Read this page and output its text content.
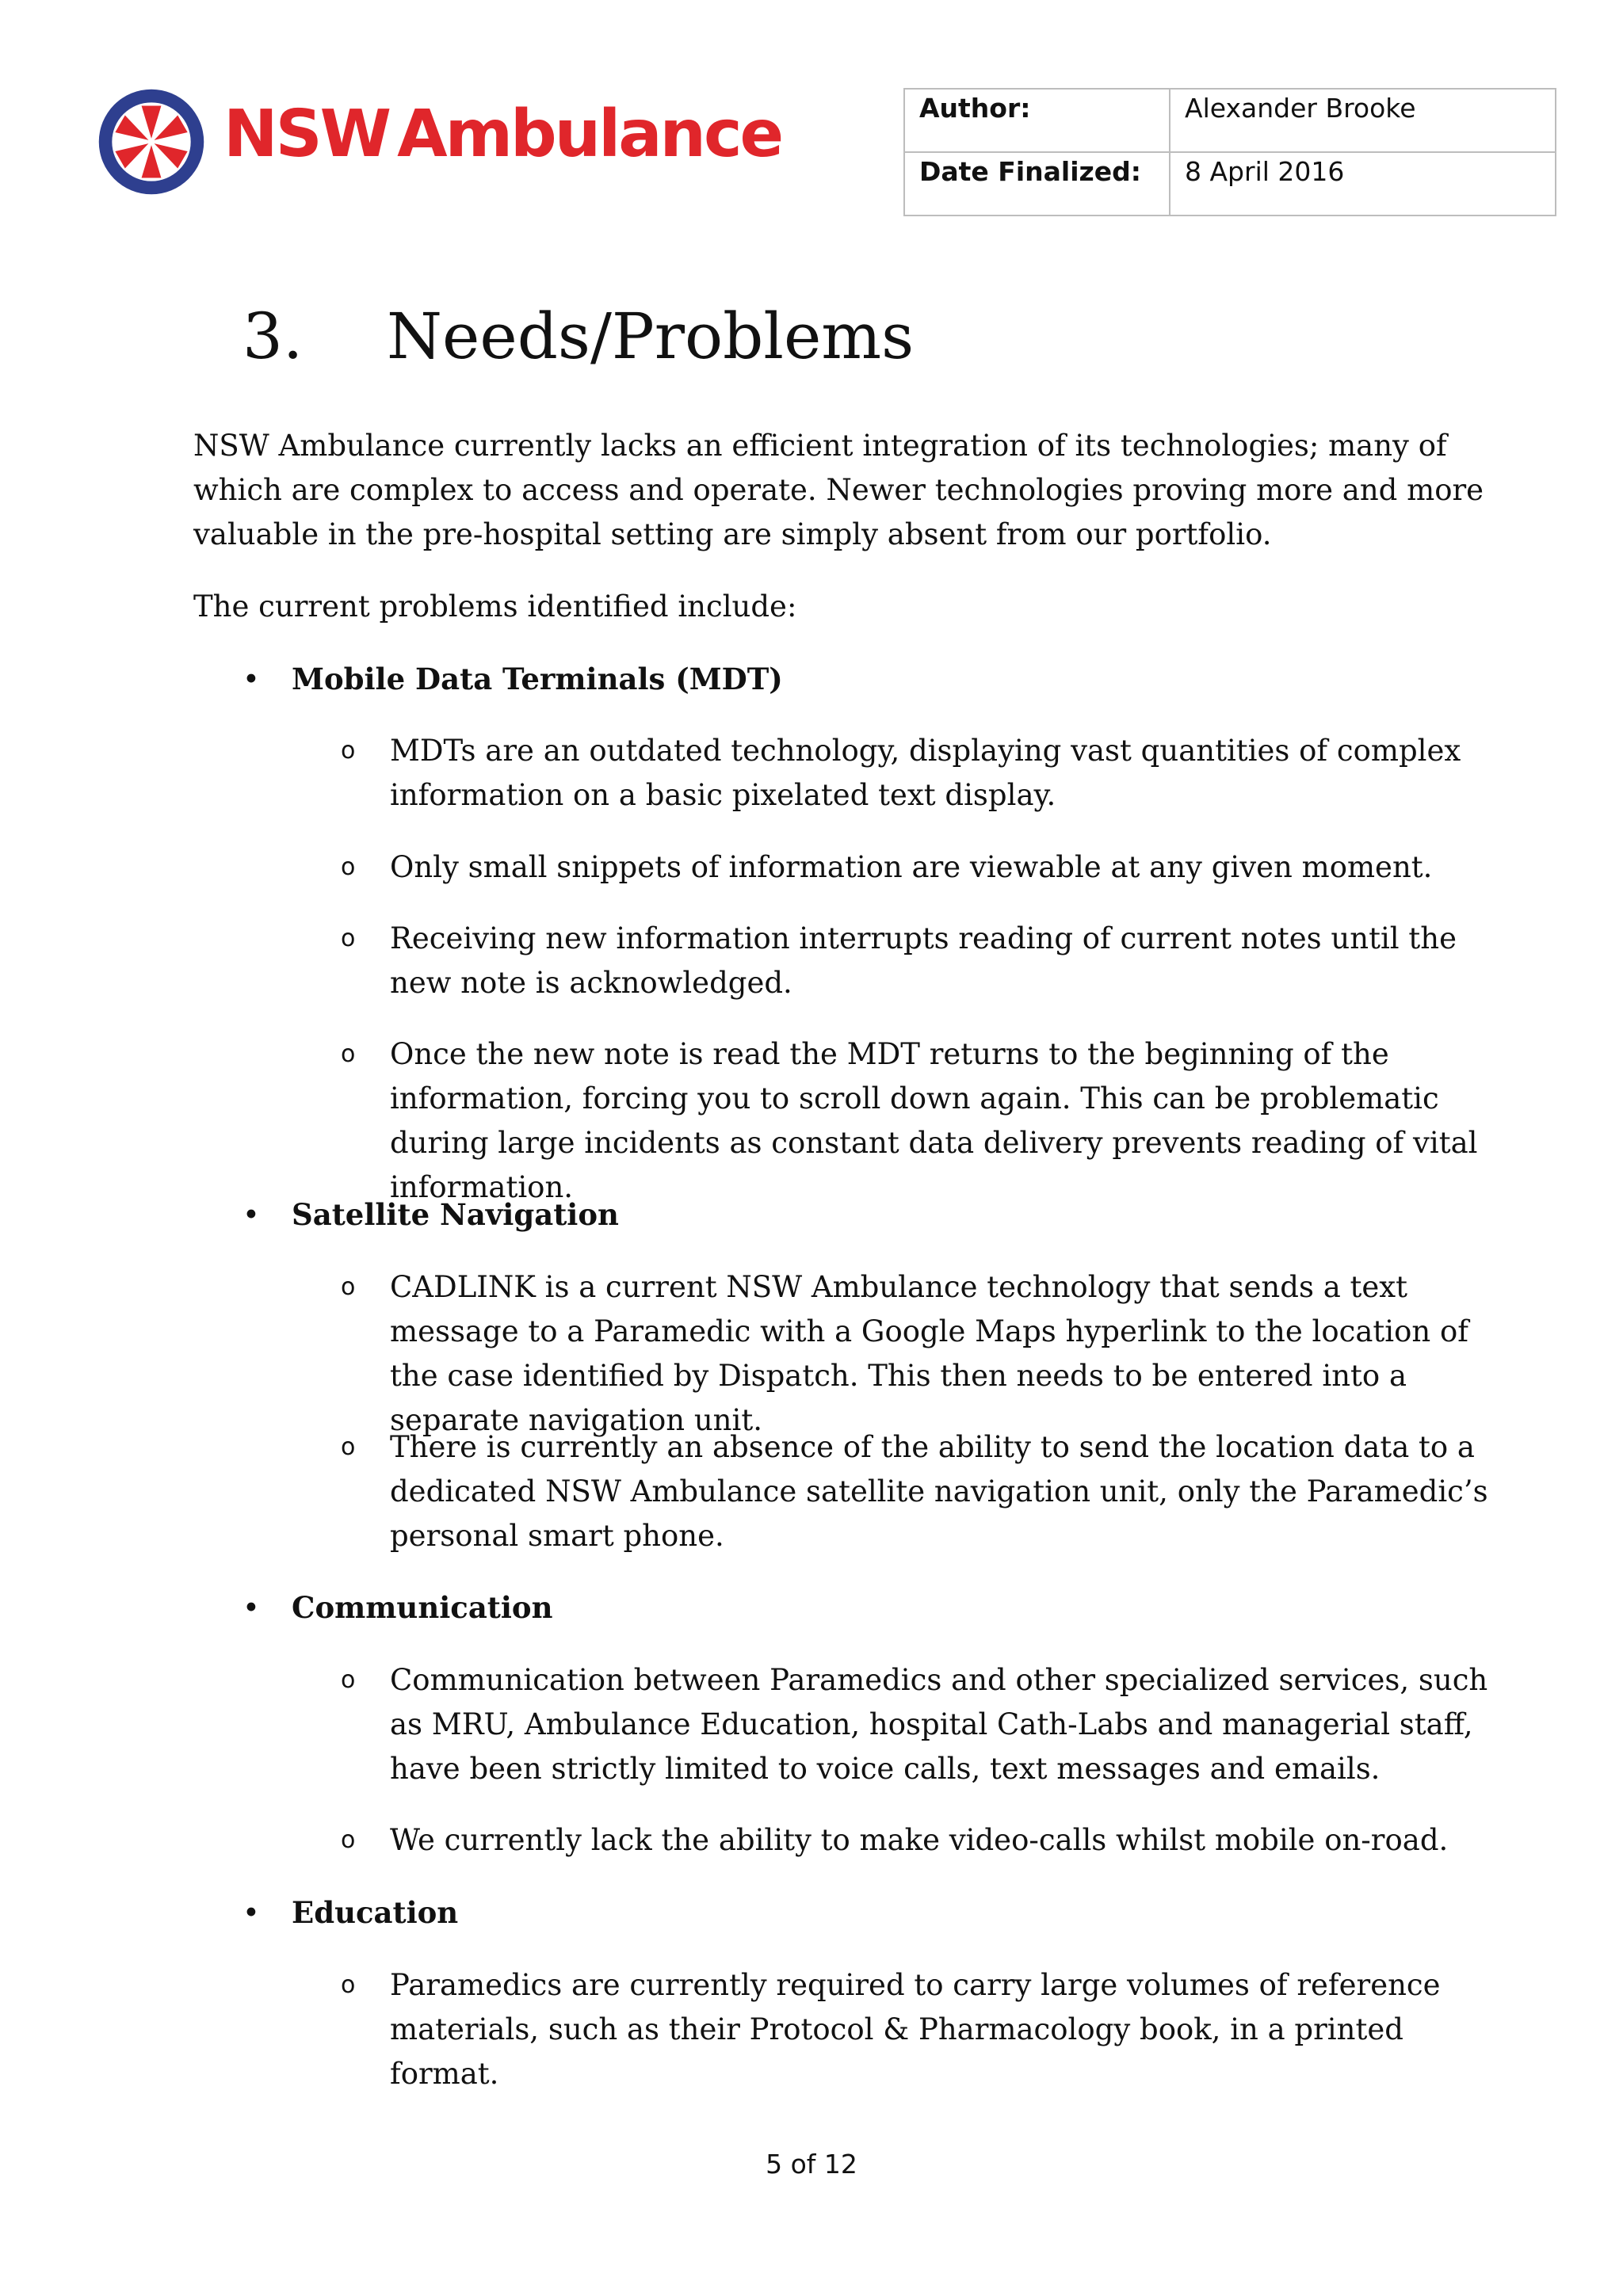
NSW Ambulance	Author:	Alexander Brooke
Date Finalized:	8 April 2016
3. Needs/Problems

NSW Ambulance currently lacks an efficient integration of its technologies; many of which are complex to access and operate. Newer technologies proving more and more valuable in the pre-hospital setting are simply absent from our portfolio.

The current problems identified include:

• Mobile Data Terminals (MDT)
o MDTs are an outdated technology, displaying vast quantities of complex information on a basic pixelated text display.
o Only small snippets of information are viewable at any given moment.
o Receiving new information interrupts reading of current notes until the new note is acknowledged.
o Once the new note is read the MDT returns to the beginning of the information, forcing you to scroll down again. This can be problematic during large incidents as constant data delivery prevents reading of vital information.
• Satellite Navigation
o CADLINK is a current NSW Ambulance technology that sends a text message to a Paramedic with a Google Maps hyperlink to the location of the case identified by Dispatch. This then needs to be entered into a separate navigation unit.
o There is currently an absence of the ability to send the location data to a dedicated NSW Ambulance satellite navigation unit, only the Paramedic’s personal smart phone.
• Communication
o Communication between Paramedics and other specialized services, such as MRU, Ambulance Education, hospital Cath-Labs and managerial staff, have been strictly limited to voice calls, text messages and emails.
o We currently lack the ability to make video-calls whilst mobile on-road.
• Education
o Paramedics are currently required to carry large volumes of reference materials, such as their Protocol & Pharmacology book, in a printed format.
5 of 12
